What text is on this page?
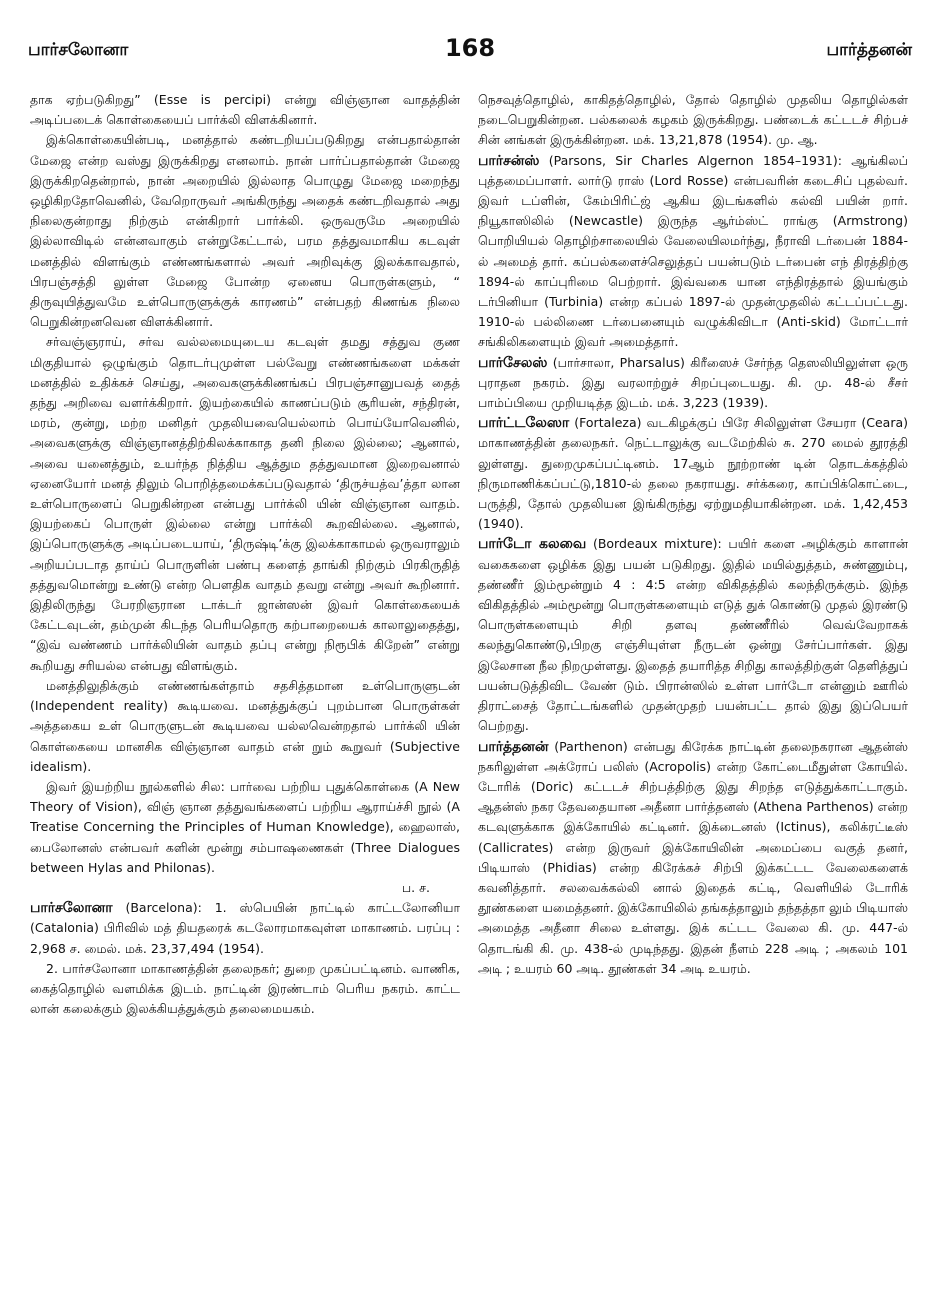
பார்சலோனா	168	பார்த்தனன்

தாக ஏற்படுகிறது” (Esse is percipi) என்று விஞ்ஞான வாதத்தின் அடிப்படைக் கொள்கையைப் பார்க்லி விளக்கினார்.

இக்கொள்கையின்படி, மனத்தால் கண்டறியப்படுகிறது என்பதால்தான் மேஜை என்ற வஸ்து இருக்கிறது எனலாம். நான் பார்ப்பதால்தான் மேஜை இருக்கிறதென்றால், நான் அறையில் இல்லாத பொழுது மேஜை மறைந்து ஒழிகிறதோவெனில், வேறொருவர் அங்கிருந்து அதைக் கண்டறிவதால் அது நிலைகுன்றாது நிற்கும் என்கிறார் பார்க்லி. ஒருவருமே அறையில் இல்லாவிடில் என்னவாகும் என்றுகேட்டால், பரம தத்துவமாகிய கடவுள் மனத்தில் விளங்கும் எண்ணங்களால் அவர் அறிவுக்கு இலக்காவதால், பிரபஞ்சத்தி லுள்ள மேஜை போன்ற ஏனைய பொருள்களும், “ திருவுயித்துவமே உள்பொருளுக்குக் காரணம்” என்பதற் கிணங்க நிலை பெறுகின்றனவென விளக்கினார்.

சர்வஞ்ஞராய், சர்வ வல்லமையுடைய கடவுள் தமது சத்துவ குண மிகுதியால் ஒழுங்கும் தொடர்புமுள்ள பல்வேறு எண்ணங்களை மக்கள் மனத்தில் உதிக்கச் செய்து, அவைகளுக்கிணங்கப் பிரபஞ்சானுபவத் தைத் தந்து அறிவை வளர்க்கிறார். இயற்கையில் காணப்படும் சூரியன், சந்திரன், மரம், குன்று, மற்ற மனிதர் முதலியவையெல்லாம் பொய்யோவெனில், அவைகளுக்கு விஞ்ஞானத்திற்கிலக்காகாத தனி நிலை இல்லை; ஆனால், அவை யனைத்தும், உயர்ந்த நித்திய ஆத்தும தத்துவமான இறைவனால் ஏனையோர் மனத் திலும் பொறித்தமைக்கப்படுவதால் ‘திருச்யத்வ’த்தா லான உள்பொருளைப் பெறுகின்றன என்பது பார்க்லி யின் விஞ்ஞான வாதம். இயற்கைப் பொருள் இல்லை என்று பார்க்லி கூறவில்லை. ஆனால், இப்பொருளுக்கு அடிப்படையாய், ‘திருஷ்டி’க்கு இலக்காகாமல் ஒருவராலும் அறியப்படாத தாய்ப் பொருளின் பண்பு களைத் தாங்கி நிற்கும் பிரகிருதித் தத்துவமொன்று உண்டு என்ற பௌதிக வாதம் தவறு என்று அவர் கூறினார். இதிலிருந்து பேரறிஞரான டாக்டர் ஜான்ஸன் இவர் கொள்கையைக் கேட்டவுடன், தம்முன் கிடந்த பெரியதொரு கற்பாறையைக் காலாலுதைத்து, “இவ் வண்ணம் பார்க்லியின் வாதம் தப்பு என்று நிரூபிக் கிறேன்” என்று கூறியது சரியல்ல என்பது விளங்கும்.

மனத்திலுதிக்கும் எண்ணங்கள்தாம் சதசித்தமான உள்பொருளுடன் (Independent reality) கூடியவை. மனத்துக்குப் புறம்பான பொருள்கள் அத்தகைய உள் பொருளுடன் கூடியவை யல்லவென்றதால் பார்க்லி யின் கொள்கையை மானசிக விஞ்ஞான வாதம் என் றும் கூறுவர் (Subjective idealism).

இவர் இயற்றிய நூல்களில் சில: பார்வை பற்றிய புதுக்கொள்கை (A New Theory of Vision), விஞ் ஞான தத்துவங்களைப் பற்றிய ஆராய்ச்சி நூல் (A Treatise Concerning the Principles of Human Knowledge), ஹைலாஸ், பைலோனஸ் என்பவர் களின் மூன்று சம்பாஷணைகள் (Three Dialogues between Hylas and Philonas).

ப. ச.

பார்சலோனா (Barcelona): 1. ஸ்பெயின் நாட்டில் காட்டலோனியா (Catalonia) பிரிவில் மத் தியதரைக் கடலோரமாகவுள்ள மாகாணம். பரப்பு : 2,968 ச. மைல். மக். 23,37,494 (1954).

2. பார்சலோனா மாகாணத்தின் தலைநகர்; துறை முகப்பட்டினம். வாணிக, கைத்தொழில் வளமிக்க இடம். நாட்டின் இரண்டாம் பெரிய நகரம். காட்ட லான் கலைக்கும் இலக்கியத்துக்கும் தலைமையகம்.

நெசவுத்தொழில், காகிதத்தொழில், தோல் தொழில் முதலிய தொழில்கள் நடைபெறுகின்றன. பல்கலைக் கழகம் இருக்கிறது. பண்டைக் கட்டடச் சிற்பச் சின் னங்கள் இருக்கின்றன. மக். 13,21,878 (1954). மு. ஆ.

பார்சன்ஸ் (Parsons, Sir Charles Algernon 1854–1931): ஆங்கிலப் புத்தமைப்பாளர். லார்டு ராஸ் (Lord Rosse) என்பவரின் கடைசிப் புதல்வர். இவர் டப்ளின், கேம்பிரிட்ஜ் ஆகிய இடங்களில் கல்வி பயின் றார். நியூகாஸிலில் (Newcastle) இருந்த ஆர்ம்ஸ்ட் ராங்கு (Armstrong) பொறியியல் தொழிற்சாலையில் வேலையிலமர்ந்து, நீராவி டர்பைன் 1884-ல் அமைத் தார். கப்பல்களைச்செலுத்தப் பயன்படும் டர்பைன் எந் திரத்திற்கு 1894-ல் காப்புரிமை பெற்றார். இவ்வகை யான எந்திரத்தால் இயங்கும் டர்பினியா (Turbinia) என்ற கப்பல் 1897-ல் முதன்முதலில் கட்டப்பட்டது. 1910-ல் பல்லிணை டர்பைனையும் வழுக்கிவிடா (Anti-skid) மோட்டார் சங்கிலிகளையும் இவர் அமைத்தார்.

பார்சேலஸ் (பார்சாலா, Pharsalus) கிரீஸைச் சேர்ந்த தெஸலியிலுள்ள ஒரு புராதன நகரம். இது வரலாற்றுச் சிறப்புடையது. கி. மு. 48-ல் சீசர் பாம்ப்பியை முறியடித்த இடம். மக். 3,223 (1939).

பார்ட்டலேஸா (Fortaleza) வடகிழக்குப் பிரே சிலிலுள்ள சேயரா (Ceara) மாகாணத்தின் தலைநகர். நெட்டாலுக்கு வடமேற்கில் சு. 270 மைல் தூரத்தி லுள்ளது. துறைமுகப்பட்டினம். 17ஆம் நூற்றாண் டின் தொடக்கத்தில் நிருமாணிக்கப்பட்டு,1810-ல் தலை நகராயது. சர்க்கரை, காப்பிக்கொட்டை, பருத்தி, தோல் முதலியன இங்கிருந்து ஏற்றுமதியாகின்றன. மக். 1,42,453 (1940).

பார்டோ கலவை (Bordeaux mixture): பயிர் களை அழிக்கும் காளான் வகைகளை ஒழிக்க இது பயன் படுகிறது. இதில் மயில்துத்தம், சுண்ணும்பு, தண்ணீர் இம்மூன்றும் 4 : 4:5 என்ற விகிதத்தில் கலந்திருக்கும். இந்த விகிதத்தில் அம்மூன்று பொருள்களையும் எடுத் துக் கொண்டு முதல் இரண்டு பொருள்களையும் சிறி தளவு தண்ணீரில் வெவ்வேறாகக் கலந்துகொண்டு,பிறகு எஞ்சியுள்ள நீருடன் ஒன்று சேர்ப்பார்கள். இது இலேசான நீல நிறமுள்ளது. இதைத் தயாரித்த சிறிது காலத்திற்குள் தெளித்துப் பயன்படுத்திவிட வேண் டும். பிரான்ஸில் உள்ள பார்டோ என்னும் ஊரில் திராட்சைத் தோட்டங்களில் முதன்முதற் பயன்பட்ட தால் இது இப்பெயர் பெற்றது.

பார்த்தனன் (Parthenon) என்பது கிரேக்க நாட்டின் தலைநகரான ஆதன்ஸ் நகரிலுள்ள அக்ரோப் பலிஸ் (Acropolis) என்ற கோட்டைமீதுள்ள கோயில். டோரிக் (Doric) கட்டடச் சிற்பத்திற்கு இது சிறந்த எடுத்துக்காட்டாகும். ஆதன்ஸ் நகர தேவதையான அதீனா பார்த்தனஸ் (Athena Parthenos) என்ற கடவுளுக்காக இக்கோயில் கட்டினர். இக்டைனஸ் (Ictinus), கலிக்ரட்டீஸ் (Callicrates) என்ற இருவர் இக்கோயிலின் அமைப்பை வகுத் தனர், பிடியாஸ் (Phidias) என்ற கிரேக்கச் சிற்பி இக்கட்டட வேலைகளைக் கவனித்தார். சலவைக்கல்லி னால் இதைக் கட்டி, வெளியில் டோரிக் தூண்களை யமைத்தனர். இக்கோயிலில் தங்கத்தாலும் தந்தத்தா லும் பிடியாஸ் அமைத்த அதீனா சிலை உள்ளது. இக் கட்டட வேலை கி. மு. 447-ல் தொடங்கி கி. மு. 438-ல் முடிந்தது. இதன் நீளம் 228 அடி ; அகலம் 101 அடி ; உயரம் 60 அடி. தூண்கள் 34 அடி உயரம்.
